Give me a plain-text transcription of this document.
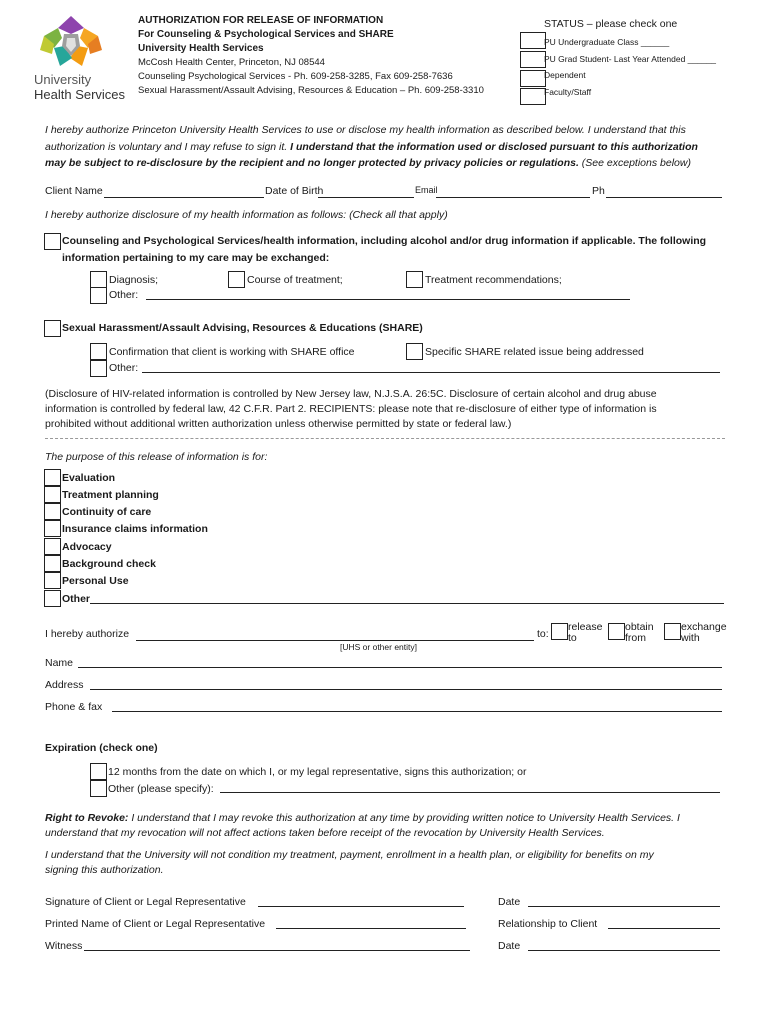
University
Health Services
AUTHORIZATION FOR RELEASE OF INFORMATION
For Counseling & Psychological Services and SHARE
University Health Services
McCosh Health Center, Princeton, NJ 08544
Counseling Psychological Services - Ph. 609-258-3285, Fax 609-258-7636
Sexual Harassment/Assault Advising, Resources & Education – Ph. 609-258-3310
STATUS – please check one
PU Undergraduate Class ______
PU Grad Student- Last Year Attended ______
Dependent
Faculty/Staff
I hereby authorize Princeton University Health Services to use or disclose my health information as described below. I understand that this
authorization is voluntary and I may refuse to sign it. I understand that the information used or disclosed pursuant to this authorization
may be subject to re-disclosure by the recipient and no longer protected by privacy policies or regulations. (See exceptions below)
Client Name	Date of Birth	Email	Ph
I hereby authorize disclosure of my health information as follows: (Check all that apply)
Counseling and Psychological Services/health information, including alcohol and/or drug information if applicable. The following
information pertaining to my care may be exchanged:
Diagnosis;	Course of treatment;	Treatment recommendations;
Other:
Sexual Harassment/Assault Advising, Resources & Educations (SHARE)
Confirmation that client is working with SHARE office	Specific SHARE related issue being addressed
Other:
(Disclosure of HIV-related information is controlled by New Jersey law, N.J.S.A. 26:5C. Disclosure of certain alcohol and drug abuse
information is controlled by federal law, 42 C.F.R. Part 2. RECIPIENTS: please note that re-disclosure of either type of information is
prohibited without additional written authorization unless otherwise permitted by state or federal law.)
The purpose of this release of information is for:
Evaluation
Treatment planning
Continuity of care
Insurance claims information
Advocacy
Background check
Personal Use
Other
I hereby authorize
[UHS or other entity]
to:
release
to
obtain
from
exchange
with
Name
Address
Phone & fax
Expiration (check one)
12 months from the date on which I, or my legal representative, signs this authorization; or
Other (please specify):
Right to Revoke: I understand that I may revoke this authorization at any time by providing written notice to University Health Services. I
understand that my revocation will not affect actions taken before receipt of the revocation by University Health Services.
I understand that the University will not condition my treatment, payment, enrollment in a health plan, or eligibility for benefits on my
signing this authorization.
Signature of Client or Legal Representative	Date
Printed Name of Client or Legal Representative	Relationship to Client
Witness	Date
